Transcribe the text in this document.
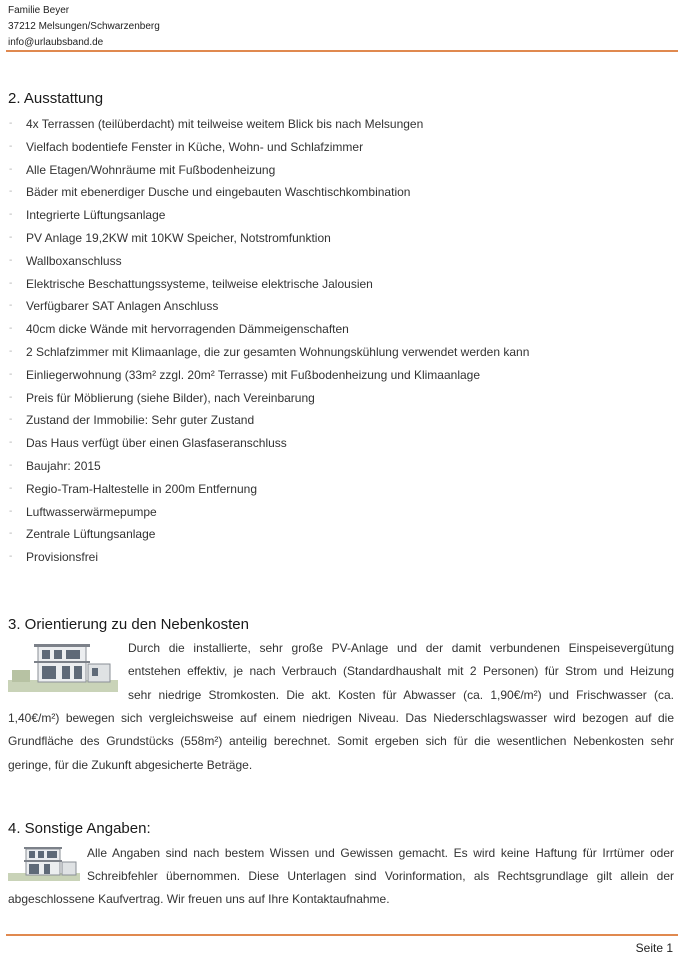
Familie Beyer
37212 Melsungen/Schwarzenberg
info@urlaubsband.de
2. Ausstattung
- 4x Terrassen (teilüberdacht) mit teilweise weitem Blick bis nach Melsungen
- Vielfach bodentiefe Fenster in Küche, Wohn- und Schlafzimmer
- Alle Etagen/Wohnräume mit Fußbodenheizung
- Bäder mit ebenerdiger Dusche und eingebauten Waschtischkombination
- Integrierte Lüftungsanlage
- PV Anlage 19,2KW mit 10KW Speicher, Notstromfunktion
- Wallboxanschluss
- Elektrische Beschattungssysteme, teilweise elektrische Jalousien
- Verfügbarer SAT Anlagen Anschluss
- 40cm dicke Wände mit hervorragenden Dämmeigenschaften
- 2 Schlafzimmer mit Klimaanlage, die zur gesamten Wohnungskühlung verwendet werden kann
- Einliegerwohnung (33m² zzgl. 20m² Terrasse) mit Fußbodenheizung und Klimaanlage
- Preis für Möblierung (siehe Bilder), nach Vereinbarung
- Zustand der Immobilie: Sehr guter Zustand
- Das Haus verfügt über einen Glasfaseranschluss
- Baujahr: 2015
- Regio-Tram-Haltestelle in 200m Entfernung
- Luftwasserwärmepumpe
- Zentrale Lüftungsanlage
- Provisionsfrei
3. Orientierung zu den Nebenkosten
Durch die installierte, sehr große PV-Anlage und der damit verbundenen Einspeisevergütung
entstehen effektiv, je nach Verbrauch (Standardhaushalt mit 2 Personen) für Strom und Heizung
sehr niedrige Stromkosten. Die akt. Kosten für Abwasser (ca. 1,90€/m²) und Frischwasser (ca.
1,40€/m²) bewegen sich vergleichsweise auf einem niedrigen Niveau. Das Niederschlagswasser wird bezogen auf die
Grundfläche des Grundstücks (558m²) anteilig berechnet. Somit ergeben sich für die wesentlichen Nebenkosten sehr
geringe, für die Zukunft abgesicherte Beträge.
4. Sonstige Angaben:
Alle Angaben sind nach bestem Wissen und Gewissen gemacht. Es wird keine Haftung für Irrtümer oder
Schreibfehler übernommen. Diese Unterlagen sind Vorinformation, als Rechtsgrundlage gilt allein der
abgeschlossene Kaufvertrag. Wir freuen uns auf Ihre Kontaktaufnahme.
Seite 1
